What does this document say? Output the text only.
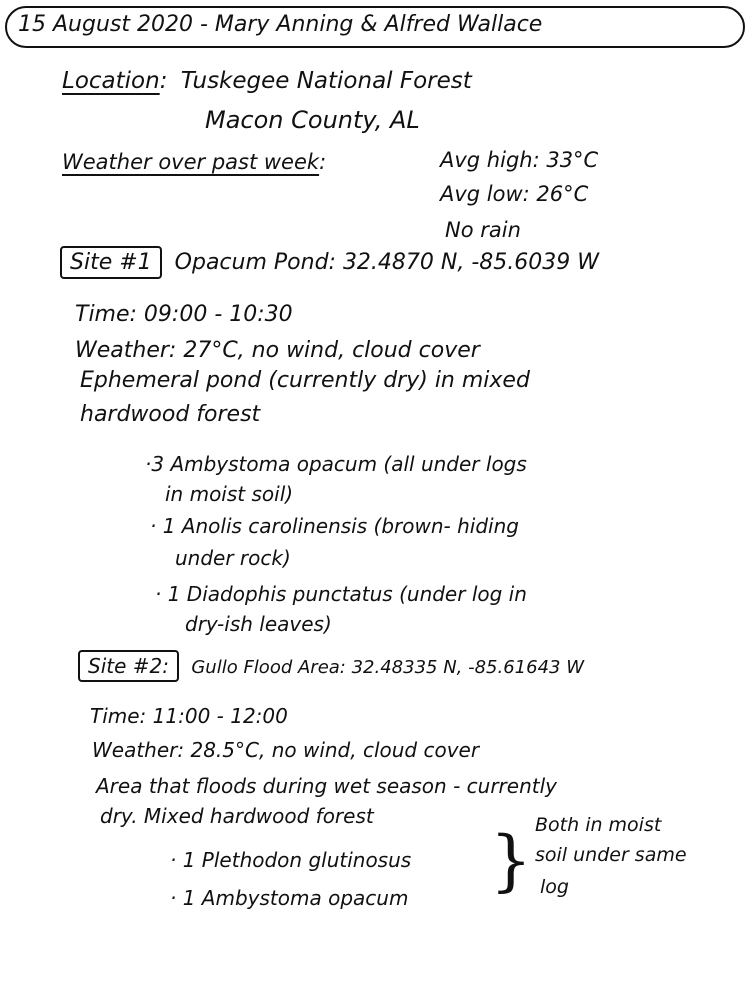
15 August 2020 - Mary Anning & Alfred Wallace
Location: Tuskegee National Forest
Macon County, AL
Weather over past week:	Avg high: 33°C
Avg low: 26°C
No rain
Site #1 Opacum Pond: 32.4870 N, -85.6039 W
Time: 09:00 - 10:30
Weather: 27°C, no wind, cloud cover
Ephemeral pond (currently dry) in mixed
hardwood forest
·3 Ambystoma opacum (all under logs
in moist soil)
· 1 Anolis carolinensis (brown- hiding
under rock)
· 1 Diadophis punctatus (under log in
dry-ish leaves)
Site #2: Gullo Flood Area: 32.48335 N, -85.61643 W
Time: 11:00 - 12:00
Weather: 28.5°C, no wind, cloud cover
Area that floods during wet season - currently
dry. Mixed hardwood forest
· 1 Plethodon glutinosus
· 1 Ambystoma opacum } Both in moist
soil under same
log
